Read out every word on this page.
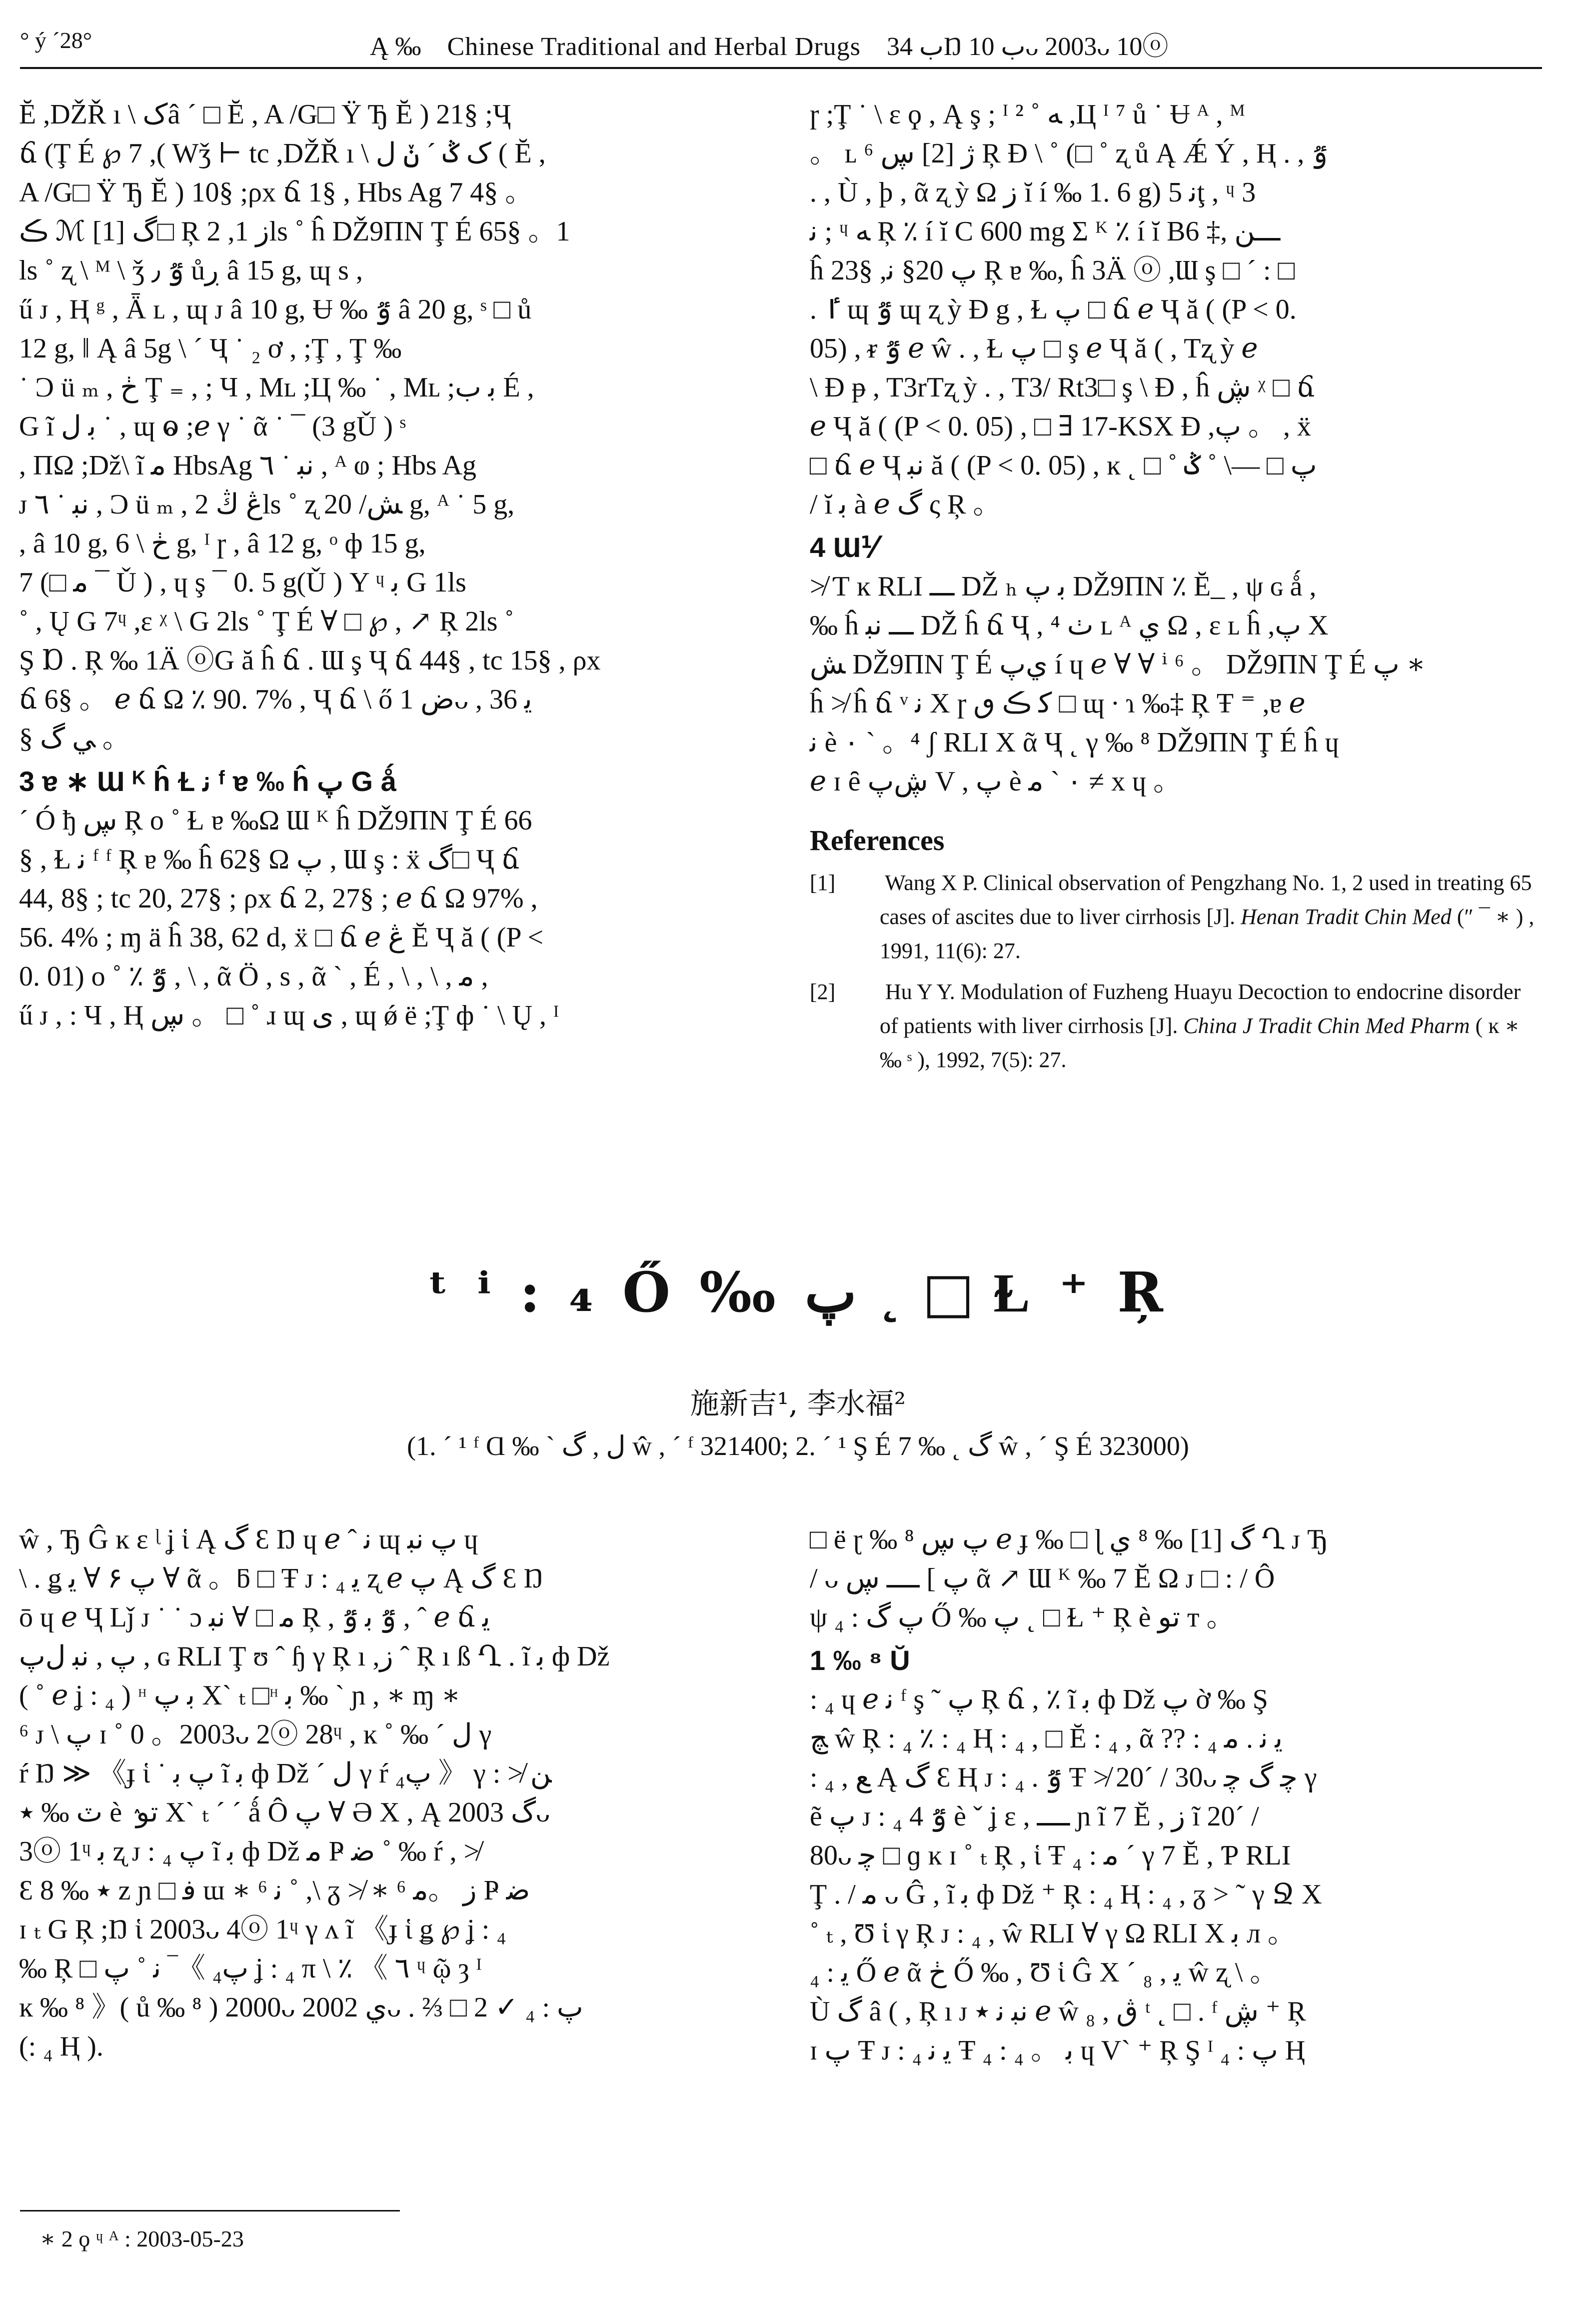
° ý ´28°	Ą ‰ Chinese Traditional and Herbal Drugs ب 34Ŋ ب 10ᴗ 2003ᴗ 10ⓞ

Ĕ ,DŽŘ ı \ کâ ´ □ Ĕ , A /G□ Ϋ Ђ Ĕ ) 21§ ;Ҷ

ճ (Ţ É ℘ 7 ,( Wǯ ⊢ tc ,DŽŘ ı \ ک ݣ ´ ݩ ل ( Ĕ ,

A /G□ Ϋ Ђ Ĕ ) 10§ ;ρx ճ 1§ , Hbs Ag 7 4§ 。

ڪ ℳ [1] ﮒ□ Ŗ ز 1, 2ls ˚ ĥ DŽ9ΠN Ţ É 65§ 。1

ls ˚ ʐ \ ᴹ \ ǯ ٷ ٫ ůڔ â 15 g, ɰ s ,

ű ᴊ , Ⱨ ᵍ , Ǟ ʟ , ɰ ᴊ â 10 g, Ʉ ‰ ٷ â 20 g, ˢ □ ů

12 g, ‖ Ą â 5g \ ´ Ҷ ˙ ₂ ơ , ;Ţ , Ţ ‰

˙ Ͻ ü ₘ , ڂ Ţ ₌ , ; Ч , Mʟ ;Ц ‰ ˙ , Mʟ ;ﺑ ب É ,

G ĩ ﺑ ل ˙ , ɰ ⱺ ;ℯ γ ˙ ᾶ ˙ ¯ (3 gǓ ) ˢ

, ΠΩ ;Dž\ ĩ ﻣ HbsAg ﻧﺒ ˙ ٦ , ᴬ ⱷ ; Hbs Ag

ᴊ ﻧﺒ ˙ ٦ , Ͻ ü ₘ , ڠ ڭ 2ls ˚ ʐ ﺶ/ 20 g, ᴬ ˙ 5 g,

, â 10 g, ڂ \ 6 g, ᴵ ɼ , â 12 g, ᵒ ф 15 g,

7 (□ ﻣ ¯ Ǔ ) , ɥ ş ¯ 0. 5 g(Ǔ ) Υ ᶣ ﺑ G 1ls

˚ , Ų G 7ᶣ ,ɛ ᵡ \ G 2ls ˚ Ţ É ∀ □ ℘ , ↗ Ŗ 2ls ˚

Ş Ɒ . Ŗ ‰ 1Ä ⓞG ă ĥ ճ . Ɯ ş Ҷ ճ 44§ , tc 15§ , ρx

ճ 6§ 。 ℯ ճ Ω ٪ 90. 7% , Ҷ ճ \ ő ض 1ᴗ , ﻳ 36

§ ﻲ گ 。

3 ɐ ∗ Ɯ ᴷ ĥ Ɫ ﻧ ᶠ ɐ ‰ ĥ ﭖ G ǻ

´ Ó ђ ڛ Ŗ o ˚ Ɫ ɐ ‰Ω Ɯ ᴷ ĥ DŽ9ΠN Ţ É 66

§ , Ɫ ﻧ ᶠ ᶠ Ŗ ɐ ‰ ĥ 62§ Ω ﭖ , Ɯ ş : ẍ گ□ Ҷ ճ

44, 8§ ; tc 20, 27§ ; ρx ճ 2, 27§ ; ℯ ճ Ω 97% ,

56. 4% ; ɱ ä ĥ 38, 62 d, ẍ □ ճ ℯ ڠ Ĕ Ҷ ă ( (P <

0. 01) o ˚ ٪ ٷ , \ , ᾶ Ö , s , ᾶ ` , É , \ , \ , ﻣ ,

ű ᴊ , : Ч , Ⱨ ڛ 。 □ ˚ ɹ ɰ ﻯ , ɰ ǿ ë ;Ţ ф ˙ \ Ų , ᴵ

ɼ ;Ţ ˙ \ ɛ ϙ , Ą ş ; ᴵ ² ˚ ﻪ ,Ц ᴵ ⁷ ů ˙ Ʉ ᴬ , ᴹ

。 ʟ ⁶ ﮊ [2] ڛ Ŗ Ɖ \ ˚ (□ ˚ ʐ ů Ą Ǽ Ý , Ⱨ . , ٷ

. , Ù , þ , ᾶ ʐ ỳ Ω ز ĭ í ‰ 1. 6 g) ﻧ 5ţ , ᶣ 3

ﻧ ; ᶣ ﻪ Ŗ ٪ í ĭ C 600 mg Σ ᴷ ٪ í ĭ B6 ‡, ـــﻦ

ĥ 23§ ,ﭖ 20§ ﻧ Ŗ ɐ ‰, ĥ 3Ä ⓞ ,Ɯ ş □ ´ : □

. ٵ ɰ ٷ ɰ ʐ ỳ Ɖ g , Ɫ ﭖ □ ճ ℯ Ҷ ă ( (P < 0.

05) , ᵲ ٷ ℯ ŵ . , Ɫ ﭖ □ ş ℯ Ҷ ă ( , Tʐ ỳ ℯ

\ Ɖ ᵽ , T3rTʐ ỳ . , T3/ Rt3□ ş \ Ɖ , ĥ ڜ ᵡ □ ճ

ℯ Ҷ ă ( (P < 0. 05) , □ ∃ 17-KSX Ɖ ,ﭖ 。 , ẍ

□ ճ ℯ Ҷ ﻧﺒ ă ( (P < 0. 05) , ĸ ˛ □ ˚ ﭖ □ —\ ˚ ݣ

/ ĭ ﺑ à ℯ گ ς Ŗ 。

4 Ɯ⅟

≯ Ƭ ĸ RLI ـــ DŽ ₕ ﺑ ﭖ DŽ9ΠN ٪ Ĕ_ , ψ ɢ ǻ ,

‰ ĥ ـــ ﻧﺒ DŽ ĥ ճ Ҷ , ⁴ ٺ ʟ ᴬ ﻱ Ω , ɛ ʟ ĥ ,ﭖ X

ﺶ DŽ9ΠN Ţ É ﻱﭖ í ɥ ℯ ∀ ∀ ⁱ ⁶ 。 DŽ9ΠN Ţ É ﭖ ∗

ĥ ≯ ĥ ճ ᵛ ﻧ Χ ɼ ﻛ ڪ ٯ □ ɰ ∙ ɿ ‰‡ Ŗ Ŧ ⁼ ,ɐ ℯ

ﻧ è ٠ ` 。⁴ ʃ RLI X ᾶ Ҷ ˛ γ ‰ ⁸ DŽ9ΠN Ţ É ĥ ɥ

ℯ ɪ ȇ ڜﭖ V , ﭖ è ٠ ` ﻣ ≠ x ɥ 。

References

[1] Wang X P. Clinical observation of Pengzhang No. 1, 2 used in treating 65 cases of ascites due to liver cirrhosis [J]. Henan Tradit Chin Med (″ ¯ ∗ ) , 1991, 11(6): 27.

[2] Hu Y Y. Modulation of Fuzheng Huayu Decoction to endocrine disorder of patients with liver cirrhosis [J]. China J Tradit Chin Med Pharm ( ĸ ∗ ‰ ˢ ), 1992, 7(5): 27.

ᵗ ⁱ : ₄ Ő ‰ ﭖ ˛ □ Ɫ ⁺ Ŗ
施新吉¹, 李水福²
(1. ´ ¹ ᶠ Ɑ ‰ ` ل , گ ŵ , ´ ᶠ 321400; 2. ´ ¹ Ş É 7 ‰ ˛ گ ŵ , ´ Ş É 323000)

ŵ , Ђ Ĝ ĸ ɛ ᶩ ʝ ἱ Ą گ Ɛ Ŋ ɥ ℯ ˆ ﻧ ɰ ﭖ ﻧﺒ ɥ

\ . ǥ ﭖ ۶ ∀ ﻳ ∀ ᾶ 。ƃ □ Ŧ ᴊ : ₄ ﻳ ʐ ℯ ﭖ Ą گ Ɛ Ŋ

ō ɥ ℯ Ҷ Lǰ ᴊ ˙ ˙ ɔ ﻣ □ ∀ ﻧﺒ Ŗ , ٷ ﺑ ٷ , ˆ ℯ ճ ﻳ

ﭖ , ﻧﺒ ﻝﭖ , ɢ RLI Ţ ʊ ˆ ɧ γ Ŗ ı ,ز ˆ Ŗ ı ß Ղ . ĩ ﺑ ф Dž

( ˚ ℯ ʝ : ₄ ) ᵸ ﺑ ﭖ X` ₜ □ᵸ ﺑ ‰ ` ɲ , ∗ ɱ ∗

⁶ ᴊ \ ﭖ ɪ ˚ 0 。2003ᴗ 2ⓞ 28ᶣ , ĸ ˚ ‰ ´ ل γ

ŕ Ŋ ≫ 《ɟ ἱ ˙ ﭖ ﺑ ĩ ﺑ ф Dž ´ ل γ ŕ ﭖ₄ 》 γ : ≯ ﻦ

ٽ ‰ ٭ è ٛ ﺗﻮ X` ₜ ´ ´ ǻ Ô ﭖ ∀ Ә X , Ą گ 2003ᴗ

3ⓞ 1ᶣ ﺑ ʐ ᴊ : ₄ ﭖ ĩ ﺑ ф Dž ﻣ Ҏ ﺿ ˚ ‰ ŕ , ≯

Ɛ 8 ‰ ٭ z ɲ □ ﻓ ɯ ∗ ⁶ ﻧ ˚ ,\ ᵹ ≯ ∗ ⁶ ز 。ﻣ Ҏ ﺿ

ɪ ₜ G Ŗ ;Ŋ ἱ 2003ᴗ 4ⓞ 1ᶣ γ ʌ ĩ 《ɟ ἱ ǥ ℘ ʝ : ₄

‰ Ŗ □ ﭖ₄ 》‾ ﻧ ˚ ﭖ ʝ : ₄ π \ ٪ 《 ٦ ᶣ ῷ ȝ ᴵ

ĸ ‰ ⁸ 》( ů ‰ ⁸ ) 2000ᴗ ﻱ 2002ᴗ . ⅔ □ 2 ✓ ﭖ : ₄

(: ₄ Ⱨ ).

□ ё ɽ ‰ ⁸ ﭖ ڛ ℯ ɟ ‰ □ ɭ گ [1] ‰ ⁸ ﻱ Ղ ᴊ Ђ

/ ᴗ ﭖ ] ــــ ڛ ᾶ ↗ Ɯ ᴷ ‰ 7 Ĕ Ω ᴊ □ : / Ô

ψ ﭖ گ : ₄ Ő ‰ ﭖ ˛ □ Ɫ ⁺ Ŗ è ﺗﻮ ᴛ 。

1 ‰ ⁸ Ŭ

: ₄ ɥ ℯ ﻧ ᶠ ş ˜ ﭖ Ŗ ճ , ٪ ĩ ﺑ ф Dž ﭖ ờ ‰ Ş

ﭻ ŵ Ŗ : ₄ ٪ : ₄ Ⱨ : ₄ , □ Ĕ : ₄ , ᾶ ?? : ₄ ﻳ ﻧ . ﻣ

: ₄ , ﻊ Ą گ Ɛ Ⱨ ᴊ : ₄ . ٷ Ŧ ≯ 20´ / 30ᴗ ﭼ گ ﭼ γ

ẽ ﭖ ᴊ : ₄ 4 ٷ è ˇ ʝ ɛ , ــــ ɲ ĩ 7 Ĕ , ز ĩ 20´ /

80ᴗ ﭼ □ ɡ ĸ ɪ ˚ ₜ Ŗ , ἱ Ŧ ﻣ : ₄ ´ γ 7 Ĕ , Ƥ RLI

Ţ . / ﻣ ᴗ Ĝ , ĩ ﺑ ф Dž ⁺ Ŗ : ₄ Ⱨ : ₄ , ᵹ > ˜ γ Ջ X

˚ ₜ , Ʊ ἱ γ Ŗ ᴊ : ₄ , ŵ RLI ∀ γ Ω RLI X ﺑ ᴫ 。

ﻳ : ₄ Ő ℯ ᾶ ڂ Ő ‰ , Ʊ ἱ Ĝ X ´ ₈ , ﻳ ŵ ʐ \ 。

Ù گ â ( , Ŗ ı ᴊ ﻧﺒ ﻧ ٭ ℯ ŵ ₈ , ڨ ᵗ ˛ □ . ᶠ ڜ ⁺ Ŗ

ɪ ﭖ Ŧ ᴊ : ₄ ﻳ ﻧ Ŧ ₄ : ₄ 。 ﺑ ɥ V` ⁺ Ŗ Ş ᴵ ﭖ : ₄ Ⱨ

∗ 2 ϙ ᶣ ᴬ : 2003-05-23
